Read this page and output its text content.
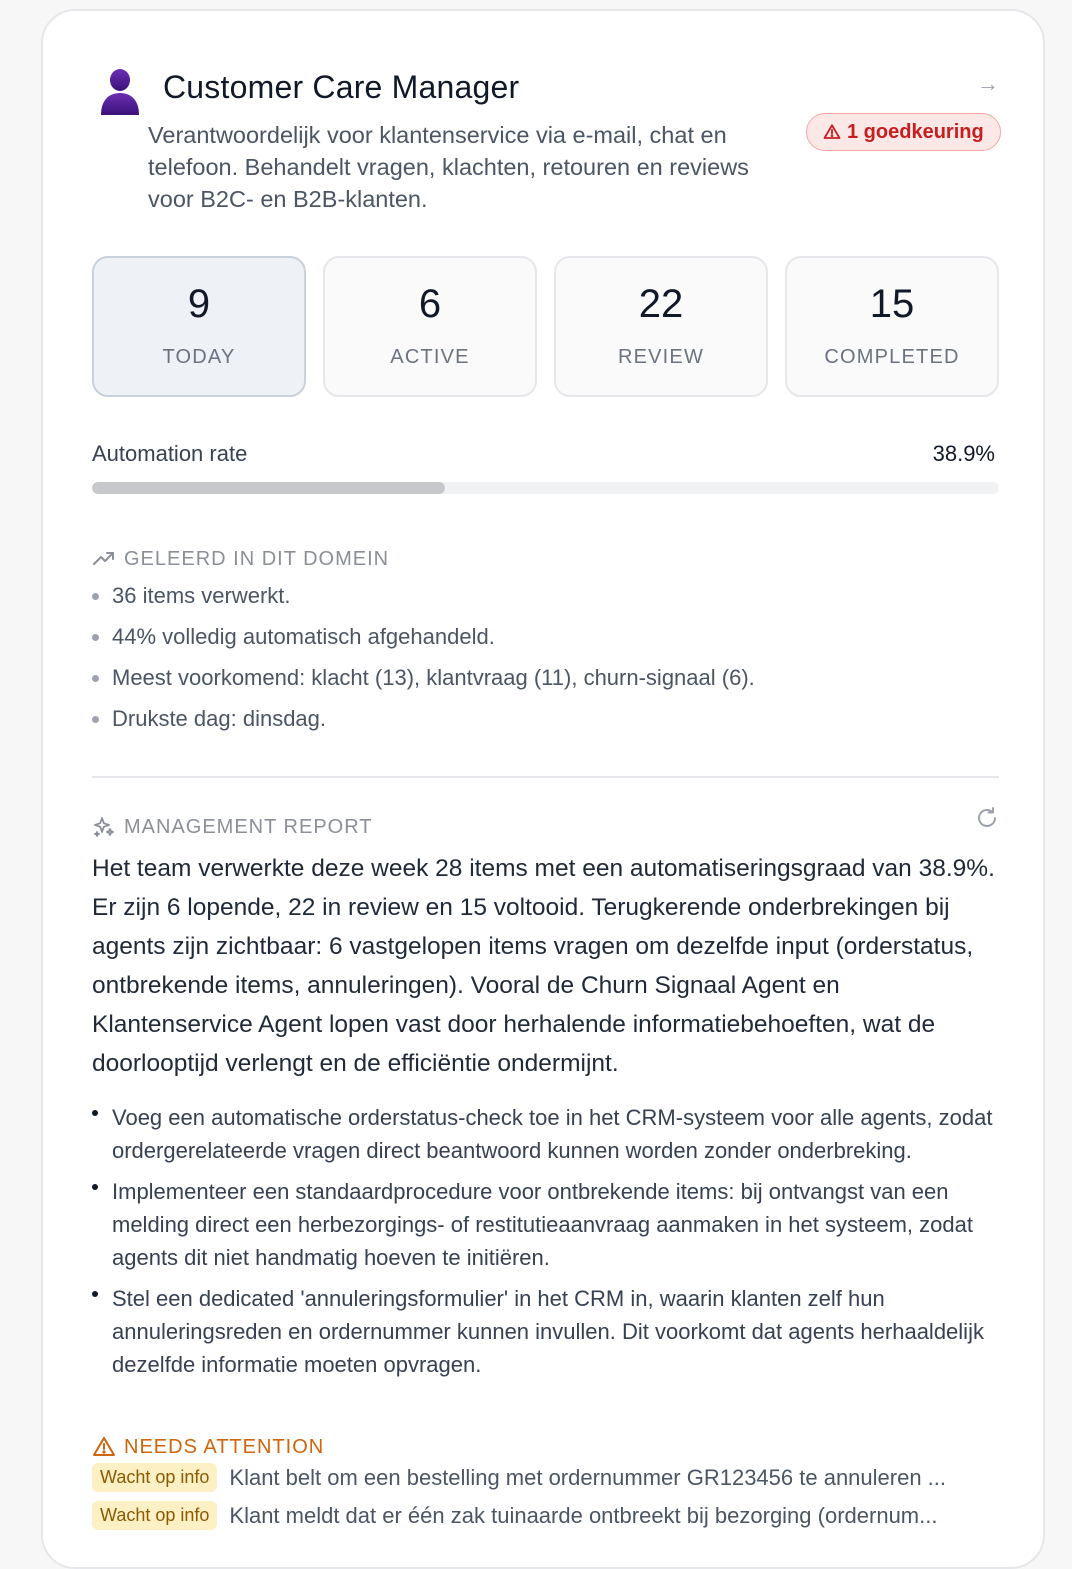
Customer Care Manager	→
Verantwoordelijk voor klantenservice via e-mail, chat en telefoon. Behandelt vragen, klachten, retouren en reviews voor B2C- en B2B-klanten.
1 goedkeuring
9
TODAY
6
ACTIVE
22
REVIEW
15
COMPLETED
Automation rate	38.9%
GELEERD IN DIT DOMEIN
36 items verwerkt.
44% volledig automatisch afgehandeld.
Meest voorkomend: klacht (13), klantvraag (11), churn-signaal (6).
Drukste dag: dinsdag.
MANAGEMENT REPORT

Het team verwerkte deze week 28 items met een automatiseringsgraad van 38.9%. Er zijn 6 lopende, 22 in review en 15 voltooid. Terugkerende onderbrekingen bij agents zijn zichtbaar: 6 vastgelopen items vragen om dezelfde input (orderstatus, ontbrekende items, annuleringen). Vooral de Churn Signaal Agent en Klantenservice Agent lopen vast door herhalende informatiebehoeften, wat de doorlooptijd verlengt en de efficiëntie ondermijnt.

Voeg een automatische orderstatus-check toe in het CRM-systeem voor alle agents, zodat ordergerelateerde vragen direct beantwoord kunnen worden zonder onderbreking.
Implementeer een standaardprocedure voor ontbrekende items: bij ontvangst van een melding direct een herbezorgings- of restitutieaanvraag aanmaken in het systeem, zodat agents dit niet handmatig hoeven te initiëren.
Stel een dedicated 'annuleringsformulier' in het CRM in, waarin klanten zelf hun annuleringsreden en ordernummer kunnen invullen. Dit voorkomt dat agents herhaaldelijk dezelfde informatie moeten opvragen.
NEEDS ATTENTION
Wacht op info Klant belt om een bestelling met ordernummer GR123456 te annuleren ...
Wacht op info Klant meldt dat er één zak tuinaarde ontbreekt bij bezorging (ordernum...
